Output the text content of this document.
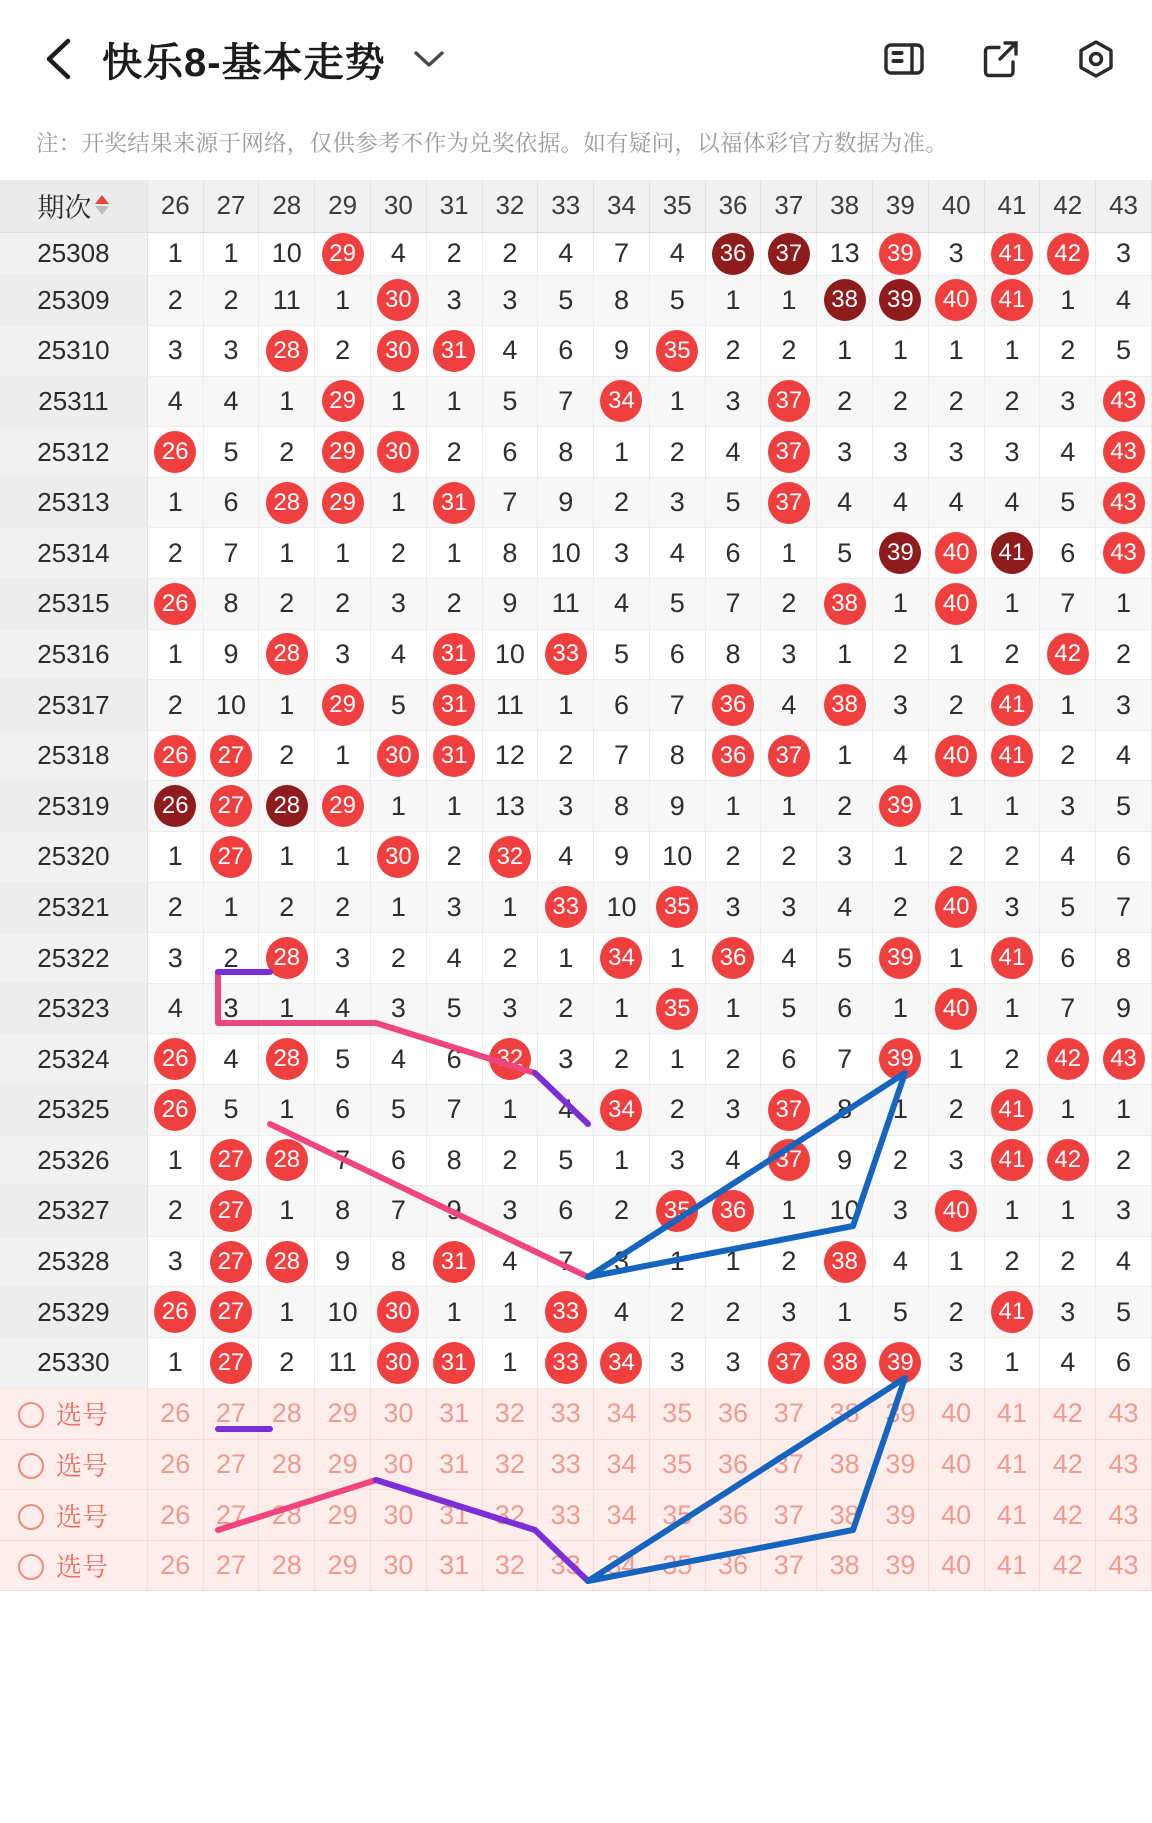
快乐8-基本走势
注：开奖结果来源于网络，仅供参考不作为兑奖依据。如有疑问，以福体彩官方数据为准。
期次	26	27	28	29	30	31	32	33	34	35	36	37	38	39	40	41	42	43
25308	1	1	10	29	4	2	2	4	7	4	36	37	13	39	3	41	42	3
25309	2	2	11	1	30	3	3	5	8	5	1	1	38	39	40	41	1	4
25310	3	3	28	2	30	31	4	6	9	35	2	2	1	1	1	1	2	5
25311	4	4	1	29	1	1	5	7	34	1	3	37	2	2	2	2	3	43
25312	26	5	2	29	30	2	6	8	1	2	4	37	3	3	3	3	4	43
25313	1	6	28	29	1	31	7	9	2	3	5	37	4	4	4	4	5	43
25314	2	7	1	1	2	1	8	10	3	4	6	1	5	39	40	41	6	43
25315	26	8	2	2	3	2	9	11	4	5	7	2	38	1	40	1	7	1
25316	1	9	28	3	4	31	10	33	5	6	8	3	1	2	1	2	42	2
25317	2	10	1	29	5	31	11	1	6	7	36	4	38	3	2	41	1	3
25318	26	27	2	1	30	31	12	2	7	8	36	37	1	4	40	41	2	4
25319	26	27	28	29	1	1	13	3	8	9	1	1	2	39	1	1	3	5
25320	1	27	1	1	30	2	32	4	9	10	2	2	3	1	2	2	4	6
25321	2	1	2	2	1	3	1	33	10	35	3	3	4	2	40	3	5	7
25322	3	2	28	3	2	4	2	1	34	1	36	4	5	39	1	41	6	8
25323	4	3	1	4	3	5	3	2	1	35	1	5	6	1	40	1	7	9
25324	26	4	28	5	4	6	32	3	2	1	2	6	7	39	1	2	42	43
25325	26	5	1	6	5	7	1	4	34	2	3	37	8	1	2	41	1	1
25326	1	27	28	7	6	8	2	5	1	3	4	37	9	2	3	41	42	2
25327	2	27	1	8	7	9	3	6	2	35	36	1	10	3	40	1	1	3
25328	3	27	28	9	8	31	4	7	3	1	1	2	38	4	1	2	2	4
25329	26	27	1	10	30	1	1	33	4	2	2	3	1	5	2	41	3	5
25330	1	27	2	11	30	31	1	33	34	3	3	37	38	39	3	1	4	6
选号	26	27	28	29	30	31	32	33	34	35	36	37	38	39	40	41	42	43
选号	26	27	28	29	30	31	32	33	34	35	36	37	38	39	40	41	42	43
选号	26	27	28	29	30	31	32	33	34	35	36	37	38	39	40	41	42	43
选号	26	27	28	29	30	31	32	33	34	35	36	37	38	39	40	41	42	43
